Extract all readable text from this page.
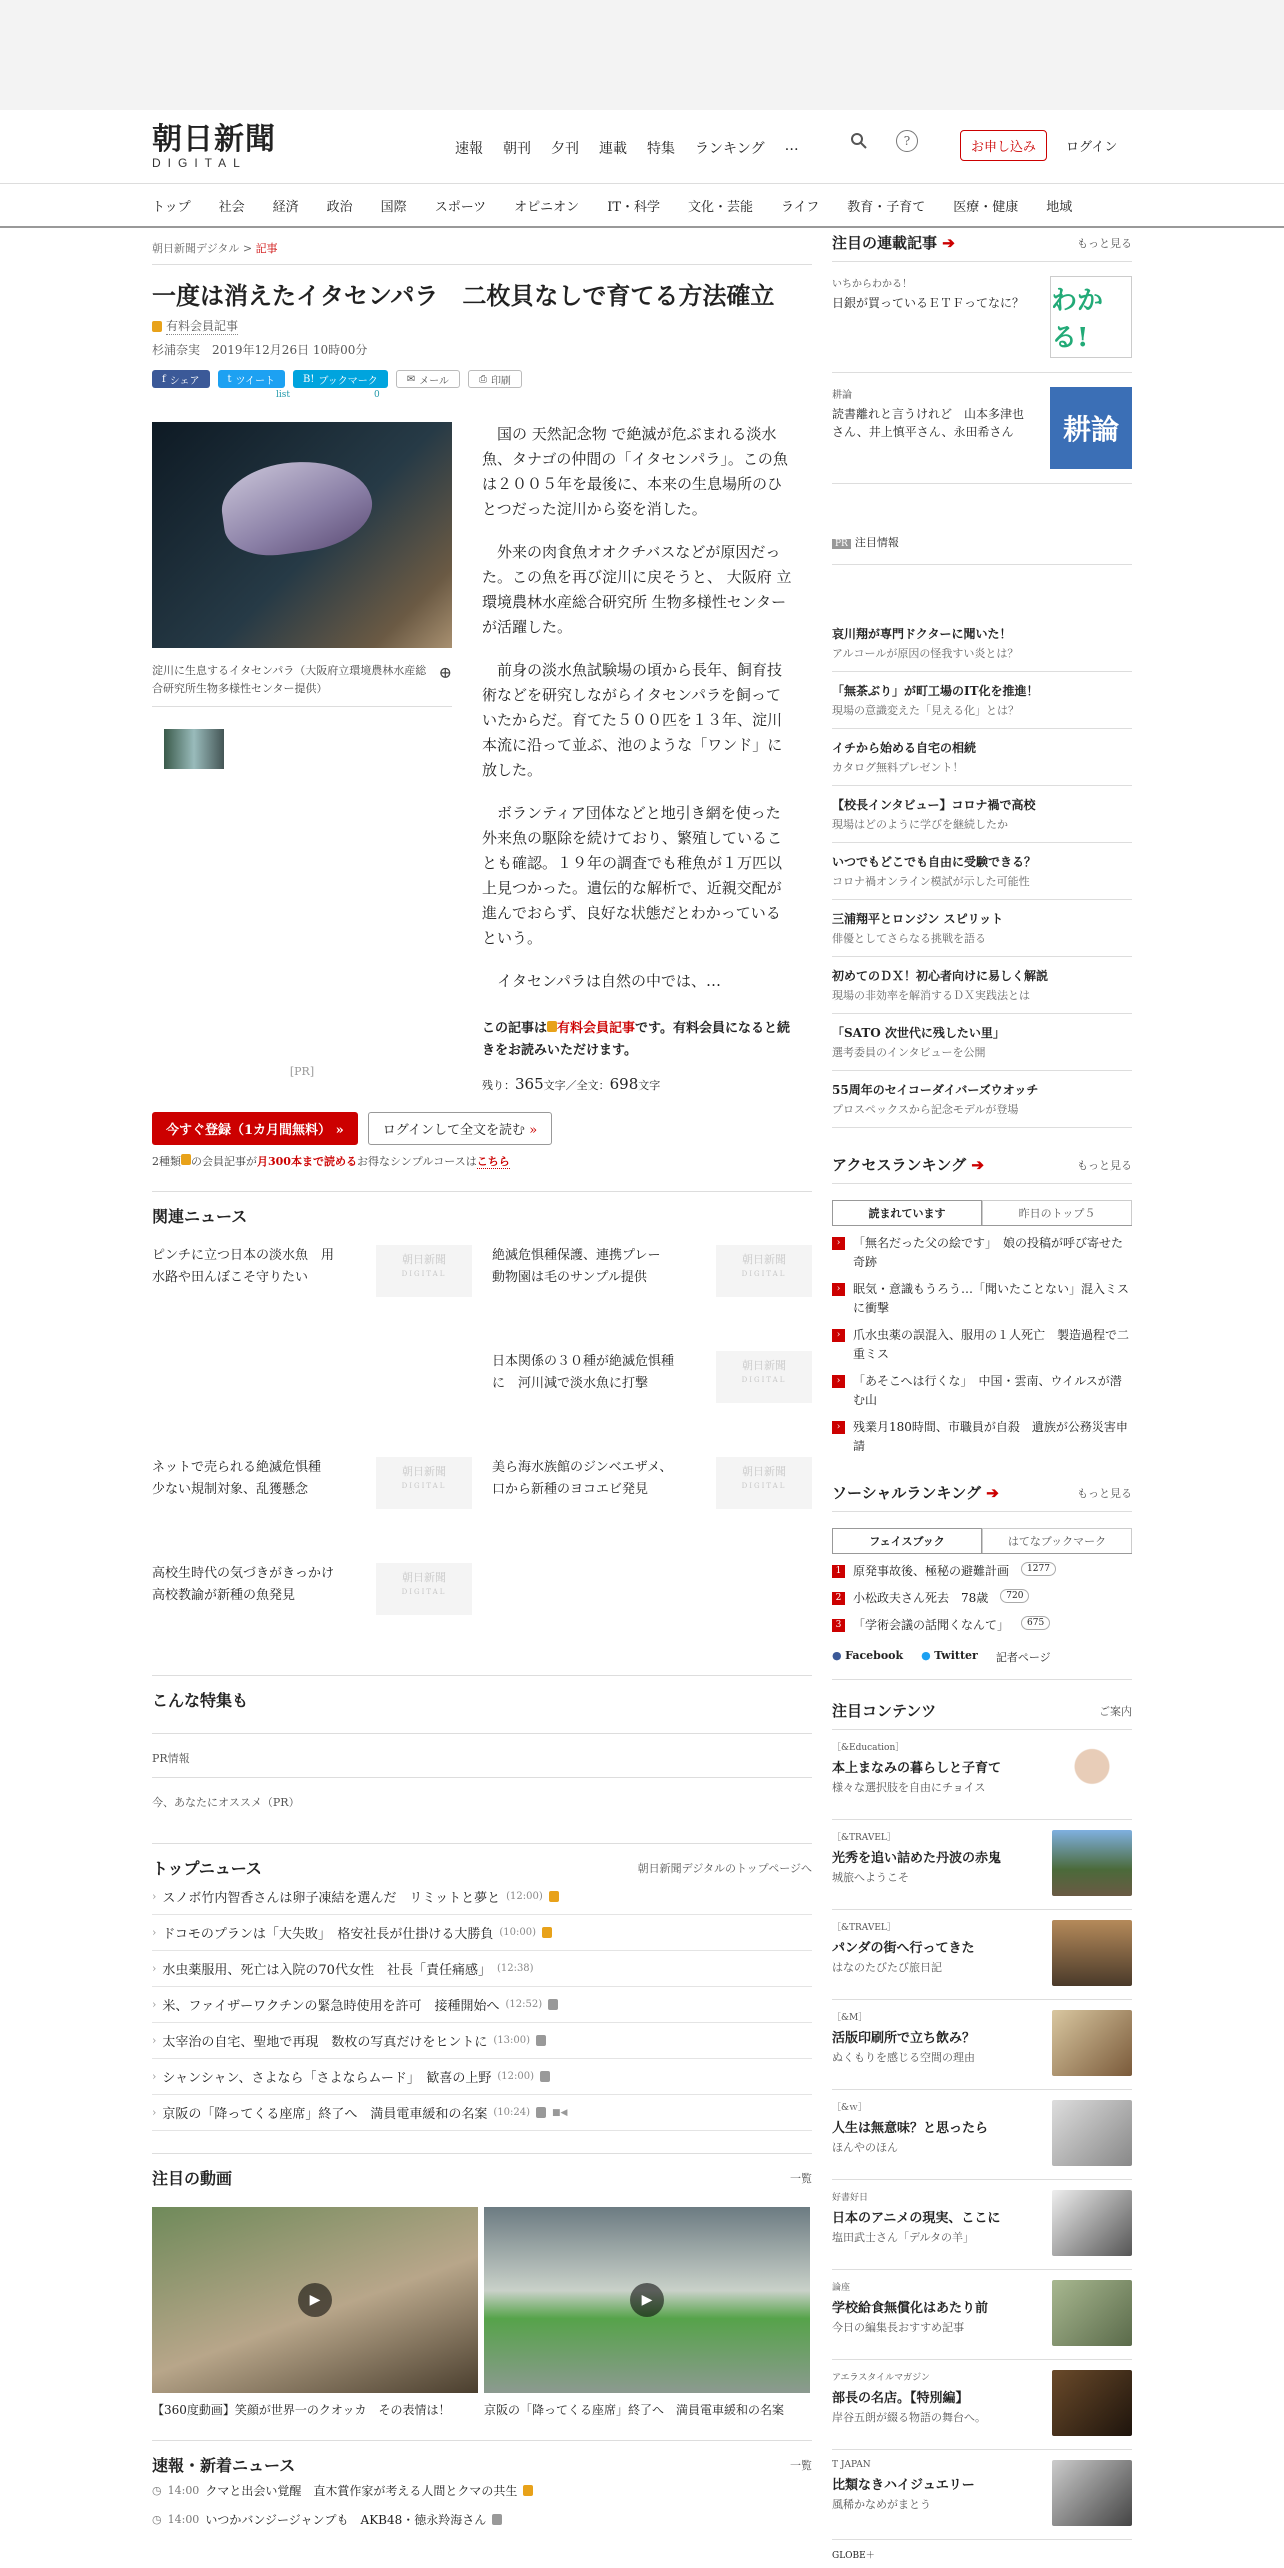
朝日新聞
DIGITAL
速報 朝刊 夕刊 連載 特集 ランキング …	?	お申し込み	ログイン
トップ 社会 経済 政治 国際 スポーツ オピニオン IT・科学 文化・芸能 ライフ 教育・子育て 医療・健康 地域
朝日新聞デジタル > 記事
一度は消えたイタセンパラ　二枚貝なしで育てる方法確立
有料会員記事
杉浦奈実　2019年12月26日 10時00分
f シェア	t ツイート	B! ブックマーク	✉ メール	⎙ 印刷
list	0
淀川に生息するイタセンパラ（大阪府立環境農林水産総合研究所生物多様性センター提供）
⊕
[PR]

国の 天然記念物 で絶滅が危ぶまれる淡水魚、タナゴの仲間の「イタセンパラ」。この魚は２００５年を最後に、本来の生息場所のひとつだった淀川から姿を消した。

外来の肉食魚オオクチバスなどが原因だった。この魚を再び淀川に戻そうと、 大阪府 立環境農林水産総合研究所 生物多様性センターが活躍した。

前身の淡水魚試験場の頃から長年、飼育技術などを研究しながらイタセンパラを飼っていたからだ。育てた５００匹を１３年、淀川本流に沿って並ぶ、池のような「ワンド」に放した。

ボランティア団体などと地引き網を使った外来魚の駆除を続けており、繁殖していることも確認。１９年の調査でも稚魚が１万匹以上見つかった。遺伝的な解析で、近親交配が進んでおらず、良好な状態だとわかっているという。

イタセンパラは自然の中では、…

この記事は 有料会員記事です。有料会員になると続きをお読みいただけます。
残り：365文字／全文：698文字
今すぐ登録（1カ月間無料） »	ログインして全文を読む »
2種類 の会員記事が月300本まで読めるお得なシンプルコースはこちら
関連ニュース
ピンチに立つ日本の淡水魚　用水路や田んぼこそ守りたい
朝日新聞
DIGITAL
絶滅危惧種保護、連携プレー　動物園は毛のサンプル提供
朝日新聞
DIGITAL
日本関係の３０種が絶滅危惧種に　河川減で淡水魚に打撃
朝日新聞
DIGITAL
ネットで売られる絶滅危惧種　少ない規制対象、乱獲懸念
朝日新聞
DIGITAL
美ら海水族館のジンベエザメ、口から新種のヨコエビ発見
朝日新聞
DIGITAL
高校生時代の気づきがきっかけ　高校教諭が新種の魚発見
朝日新聞
DIGITAL
こんな特集も
PR情報
今、あなたにオススメ（PR）
トップニュース	朝日新聞デジタルのトップページへ
› スノボ竹内智香さんは卵子凍結を選んだ　リミットと夢と (12:00)
› ドコモのプランは「大失敗」　格安社長が仕掛ける大勝負 (10:00)
› 水虫薬服用、死亡は入院の70代女性　社長「責任痛感」 (12:38)
› 米、ファイザーワクチンの緊急時使用を許可　接種開始へ (12:52)
› 太宰治の自宅、聖地で再現　数枚の写真だけをヒントに (13:00)
› シャンシャン、さよなら「さよならムード」　歓喜の上野 (12:00)
› 京阪の「降ってくる座席」終了へ　満員電車緩和の名案 (10:24) ■◀
注目の動画	一覧
▶
【360度動画】笑顔が世界一のクオッカ　その表情は！
▶
京阪の「降ってくる座席」終了へ　満員電車緩和の名案
速報・新着ニュース	一覧
◷ 14:00 クマと出会い覚醒　直木賞作家が考える人間とクマの共生
◷ 14:00 いつかバンジージャンプも　AKB48・徳永羚海さん
注目の連載記事 ➔	もっと見る
いちからわかる！
日銀が買っているＥＴＦってなに？	わかる!
耕論
読書離れと言うけれど　山本多津也さん、井上慎平さん、永田希さん	耕論
PR 注目情報
哀川翔が専門ドクターに聞いた！
アルコールが原因の怪我すい炎とは？
「無茶ぶり」が町工場のIT化を推進！
現場の意識変えた「見える化」とは？
イチから始める自宅の相続
カタログ無料プレゼント！
【校長インタビュー】コロナ禍で高校
現場はどのように学びを継続したか
いつでもどこでも自由に受験できる？
コロナ禍オンライン模試が示した可能性
三浦翔平とロンジン スピリット
俳優としてさらなる挑戦を語る
初めてのＤＸ！初心者向けに易しく解説
現場の非効率を解消するＤＸ実践法とは
「SATO 次世代に残したい里」
選考委員のインタビューを公開
55周年のセイコーダイバーズウオッチ
プロスペックスから記念モデルが登場
アクセスランキング ➔	もっと見る
読まれています	昨日のトップ５
›	「無名だった父の絵です」　娘の投稿が呼び寄せた奇跡
›	眠気・意識もうろう…「聞いたことない」混入ミスに衝撃
›	爪水虫薬の誤混入、服用の１人死亡　製造過程で二重ミス
›	「あそこへは行くな」　中国・雲南、ウイルスが潜む山
›	残業月180時間、市職員が自殺　遺族が公務災害申請
ソーシャルランキング ➔	もっと見る
フェイスブック	はてなブックマーク
1 原発事故後、極秘の避難計画	1277
2 小松政夫さん死去　78歳	720
3 「学術会議の話聞くなんて」	675
● Facebook ● Twitter 記者ページ
注目コンテンツ	ご案内
［&Education］
本上まなみの暮らしと子育て
様々な選択肢を自由にチョイス
［&TRAVEL］
光秀を追い詰めた丹波の赤鬼
城旅へようこそ
［&TRAVEL］
パンダの街へ行ってきた
はなのたびたび旅日記
［&M］
活版印刷所で立ち飲み？
ぬくもりを感じる空間の理由
［&ｗ］
人生は無意味？と思ったら
ほんやのほん
好書好日
日本のアニメの現実、ここに
塩田武士さん「デルタの羊」
論座
学校給食無償化はあたり前
今日の編集長おすすめ記事
アエラスタイルマガジン
部長の名店。【特別編】
岸谷五朗が綴る物語の舞台へ。
T JAPAN
比類なきハイジュエリー
風稀かなめがまとう
GLOBE＋
